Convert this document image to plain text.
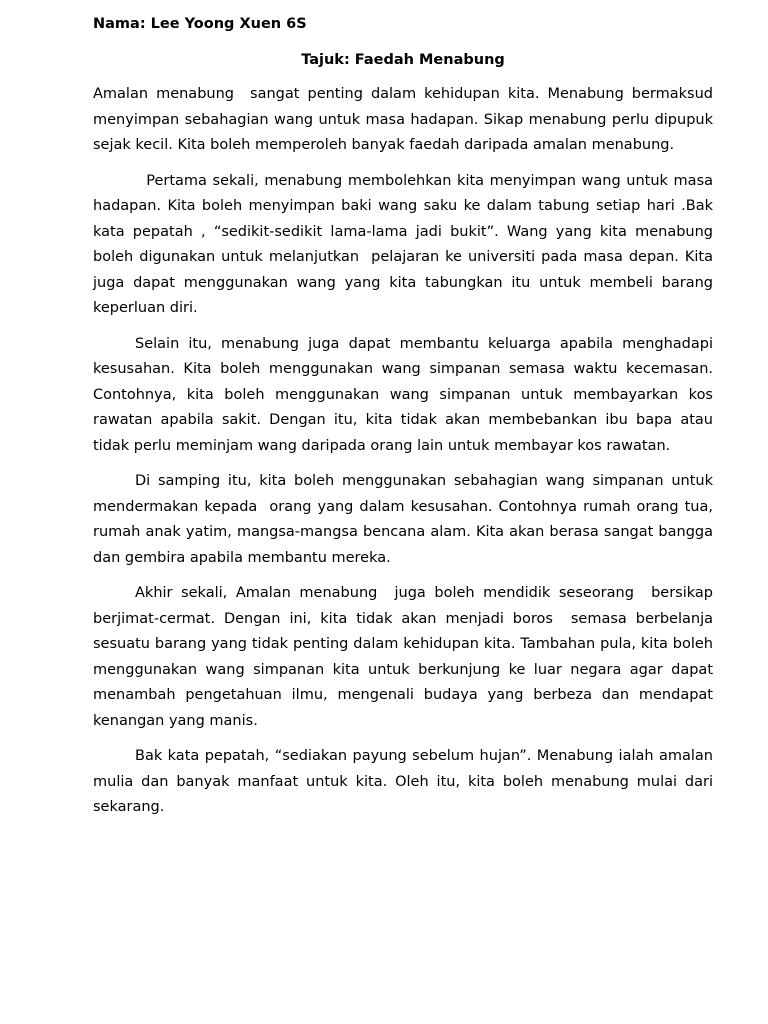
Nama: Lee Yoong Xuen 6S

Tajuk: Faedah Menabung

Amalan menabung  sangat penting dalam kehidupan kita. Menabung bermaksud menyimpan sebahagian wang untuk masa hadapan. Sikap menabung perlu dipupuk sejak kecil. Kita boleh memperoleh banyak faedah daripada amalan menabung.

Pertama sekali, menabung membolehkan kita menyimpan wang untuk masa hadapan. Kita boleh menyimpan baki wang saku ke dalam tabung setiap hari .Bak kata pepatah , “sedikit-sedikit lama-lama jadi bukit”. Wang yang kita menabung boleh digunakan untuk melanjutkan  pelajaran ke universiti pada masa depan. Kita juga dapat menggunakan wang yang kita tabungkan itu untuk membeli barang keperluan diri.

Selain itu, menabung juga dapat membantu keluarga apabila menghadapi kesusahan. Kita boleh menggunakan wang simpanan semasa waktu kecemasan. Contohnya, kita boleh menggunakan wang simpanan untuk membayarkan kos rawatan apabila sakit. Dengan itu, kita tidak akan membebankan ibu bapa atau tidak perlu meminjam wang daripada orang lain untuk membayar kos rawatan.

Di samping itu, kita boleh menggunakan sebahagian wang simpanan untuk  mendermakan kepada  orang yang dalam kesusahan. Contohnya rumah orang tua, rumah anak yatim, mangsa-mangsa bencana alam. Kita akan berasa sangat bangga dan gembira apabila membantu mereka.

Akhir sekali, Amalan menabung  juga boleh mendidik seseorang  bersikap berjimat-cermat. Dengan ini, kita tidak akan menjadi boros  semasa berbelanja sesuatu barang yang tidak penting dalam kehidupan kita. Tambahan pula, kita boleh menggunakan wang simpanan kita untuk berkunjung ke luar negara agar dapat menambah pengetahuan ilmu, mengenali budaya yang berbeza dan mendapat kenangan yang manis.

Bak kata pepatah, “sediakan payung sebelum hujan”. Menabung ialah amalan mulia dan banyak manfaat untuk kita. Oleh itu, kita boleh menabung mulai dari sekarang.
